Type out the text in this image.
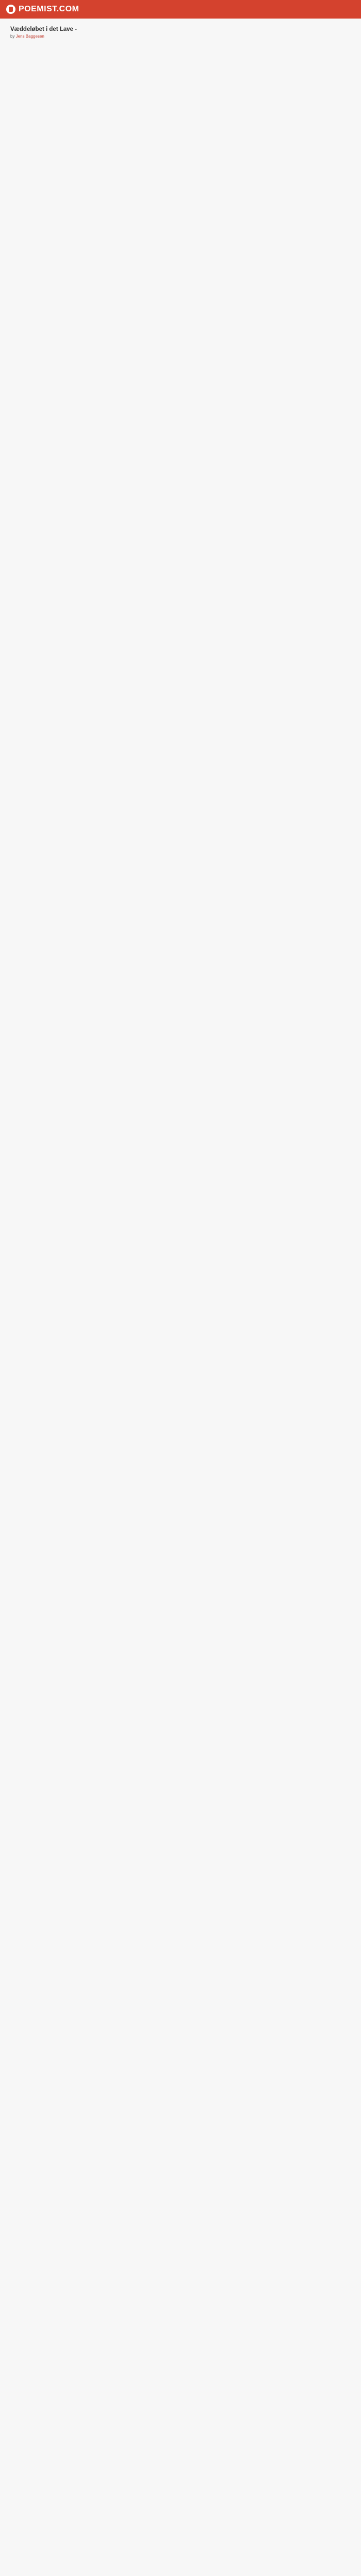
POEMIST.COM
Væddeløbet i det Lave -

by Jens Baggesen
